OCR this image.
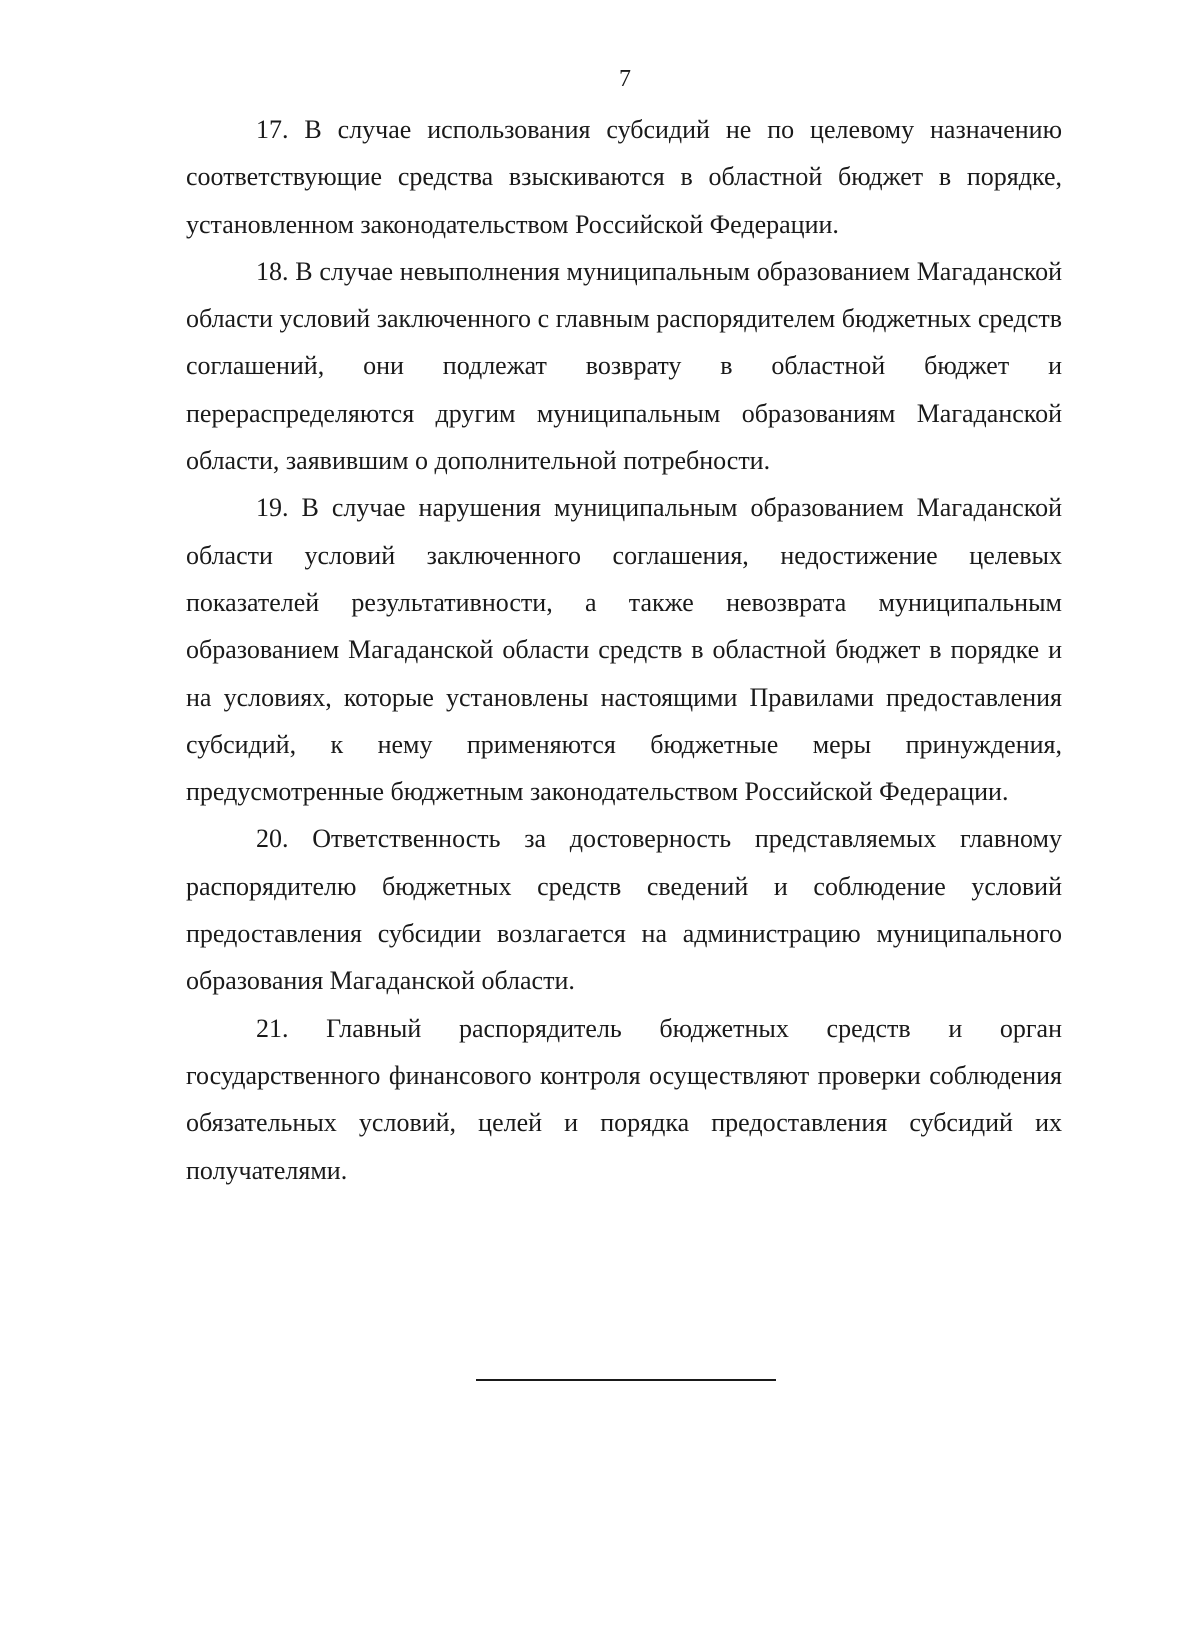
7

17. В случае использования субсидий не по целевому назначению соответствующие средства взыскиваются в областной бюджет в порядке, установленном законодательством Российской Федерации.

18. В случае невыполнения муниципальным образованием Магаданской области условий заключенного с главным распорядителем бюджетных средств соглашений, они подлежат возврату в областной бюджет и перераспределяются другим муниципальным образованиям Магаданской области, заявившим о дополнительной потребности.

19. В случае нарушения муниципальным образованием Магаданской области условий заключенного соглашения, недостижение целевых показателей результативности, а также невозврата муниципальным образованием Магаданской области средств в областной бюджет в порядке и на условиях, которые установлены настоящими Правилами предоставления субсидий, к нему применяются бюджетные меры принуждения, предусмотренные бюджетным законодательством Российской Федерации.

20. Ответственность за достоверность представляемых главному распорядителю бюджетных средств сведений и соблюдение условий предоставления субсидии возлагается на администрацию муниципального образования Магаданской области.

21. Главный распорядитель бюджетных средств и орган государственного финансового контроля осуществляют проверки соблюдения обязательных условий, целей и порядка предоставления субсидий их получателями.
